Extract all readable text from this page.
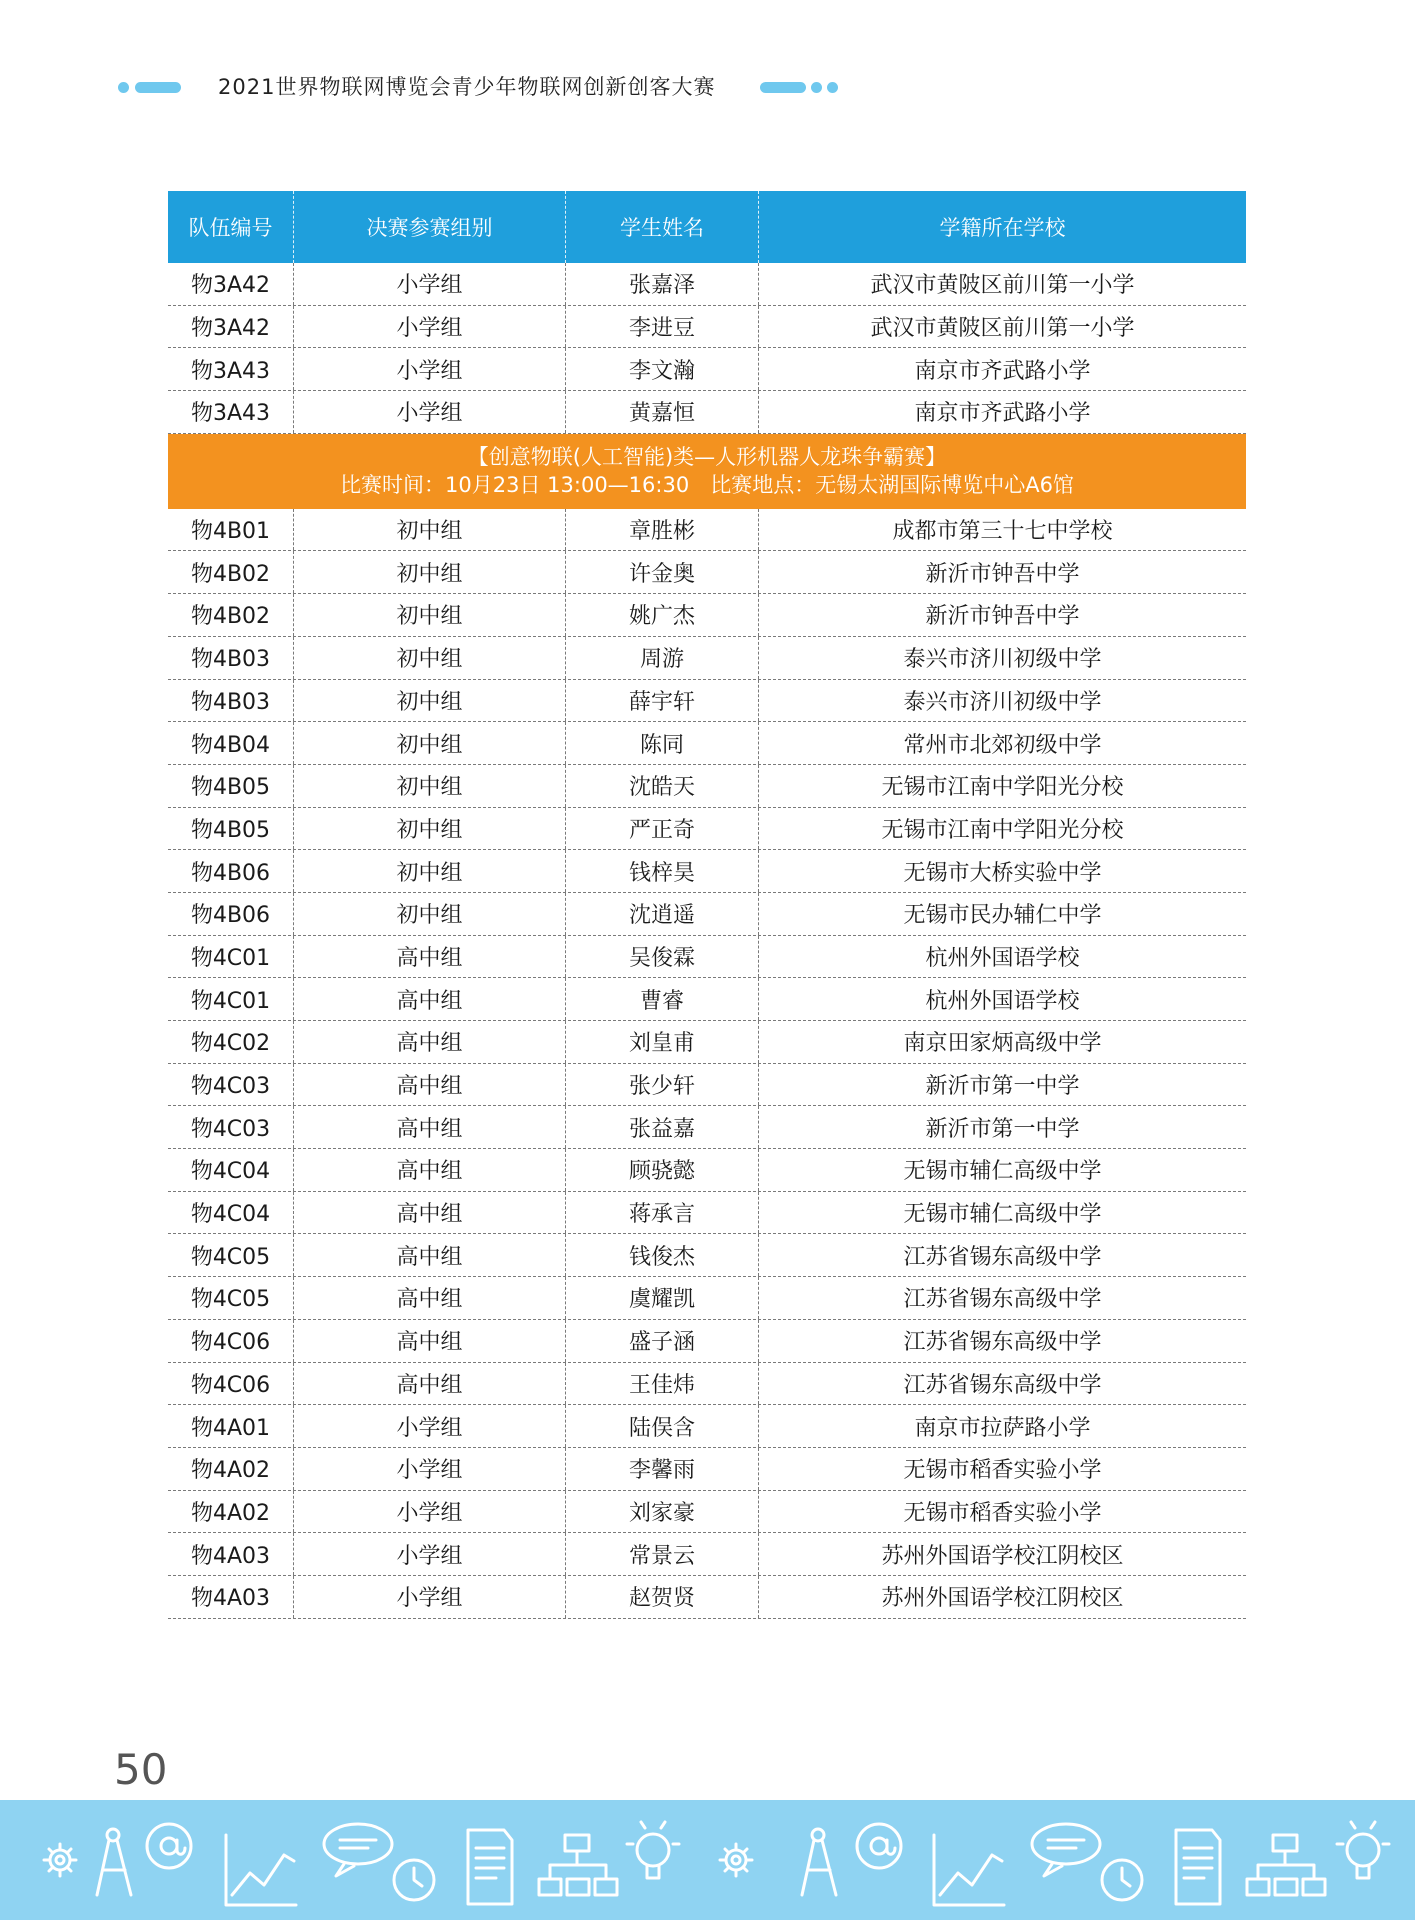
2021世界物联网博览会青少年物联网创新创客大赛
队伍编号	决赛参赛组别	学生姓名	学籍所在学校
物3A42	小学组	张嘉泽	武汉市黄陂区前川第一小学
物3A42	小学组	李进豆	武汉市黄陂区前川第一小学
物3A43	小学组	李文瀚	南京市齐武路小学
物3A43	小学组	黄嘉恒	南京市齐武路小学
【创意物联(人工智能)类—人形机器人龙珠争霸赛】
比赛时间：10月23日 13:00—16:30　比赛地点：无锡太湖国际博览中心A6馆
物4B01	初中组	章胜彬	成都市第三十七中学校
物4B02	初中组	许金奥	新沂市钟吾中学
物4B02	初中组	姚广杰	新沂市钟吾中学
物4B03	初中组	周游	泰兴市济川初级中学
物4B03	初中组	薛宇轩	泰兴市济川初级中学
物4B04	初中组	陈同	常州市北郊初级中学
物4B05	初中组	沈皓天	无锡市江南中学阳光分校
物4B05	初中组	严正奇	无锡市江南中学阳光分校
物4B06	初中组	钱梓昊	无锡市大桥实验中学
物4B06	初中组	沈逍遥	无锡市民办辅仁中学
物4C01	高中组	吴俊霖	杭州外国语学校
物4C01	高中组	曹睿	杭州外国语学校
物4C02	高中组	刘皇甫	南京田家炳高级中学
物4C03	高中组	张少轩	新沂市第一中学
物4C03	高中组	张益嘉	新沂市第一中学
物4C04	高中组	顾骁懿	无锡市辅仁高级中学
物4C04	高中组	蒋承言	无锡市辅仁高级中学
物4C05	高中组	钱俊杰	江苏省锡东高级中学
物4C05	高中组	虞耀凯	江苏省锡东高级中学
物4C06	高中组	盛子涵	江苏省锡东高级中学
物4C06	高中组	王佳炜	江苏省锡东高级中学
物4A01	小学组	陆俣含	南京市拉萨路小学
物4A02	小学组	李馨雨	无锡市稻香实验小学
物4A02	小学组	刘家豪	无锡市稻香实验小学
物4A03	小学组	常景云	苏州外国语学校江阴校区
物4A03	小学组	赵贺贤	苏州外国语学校江阴校区
50
